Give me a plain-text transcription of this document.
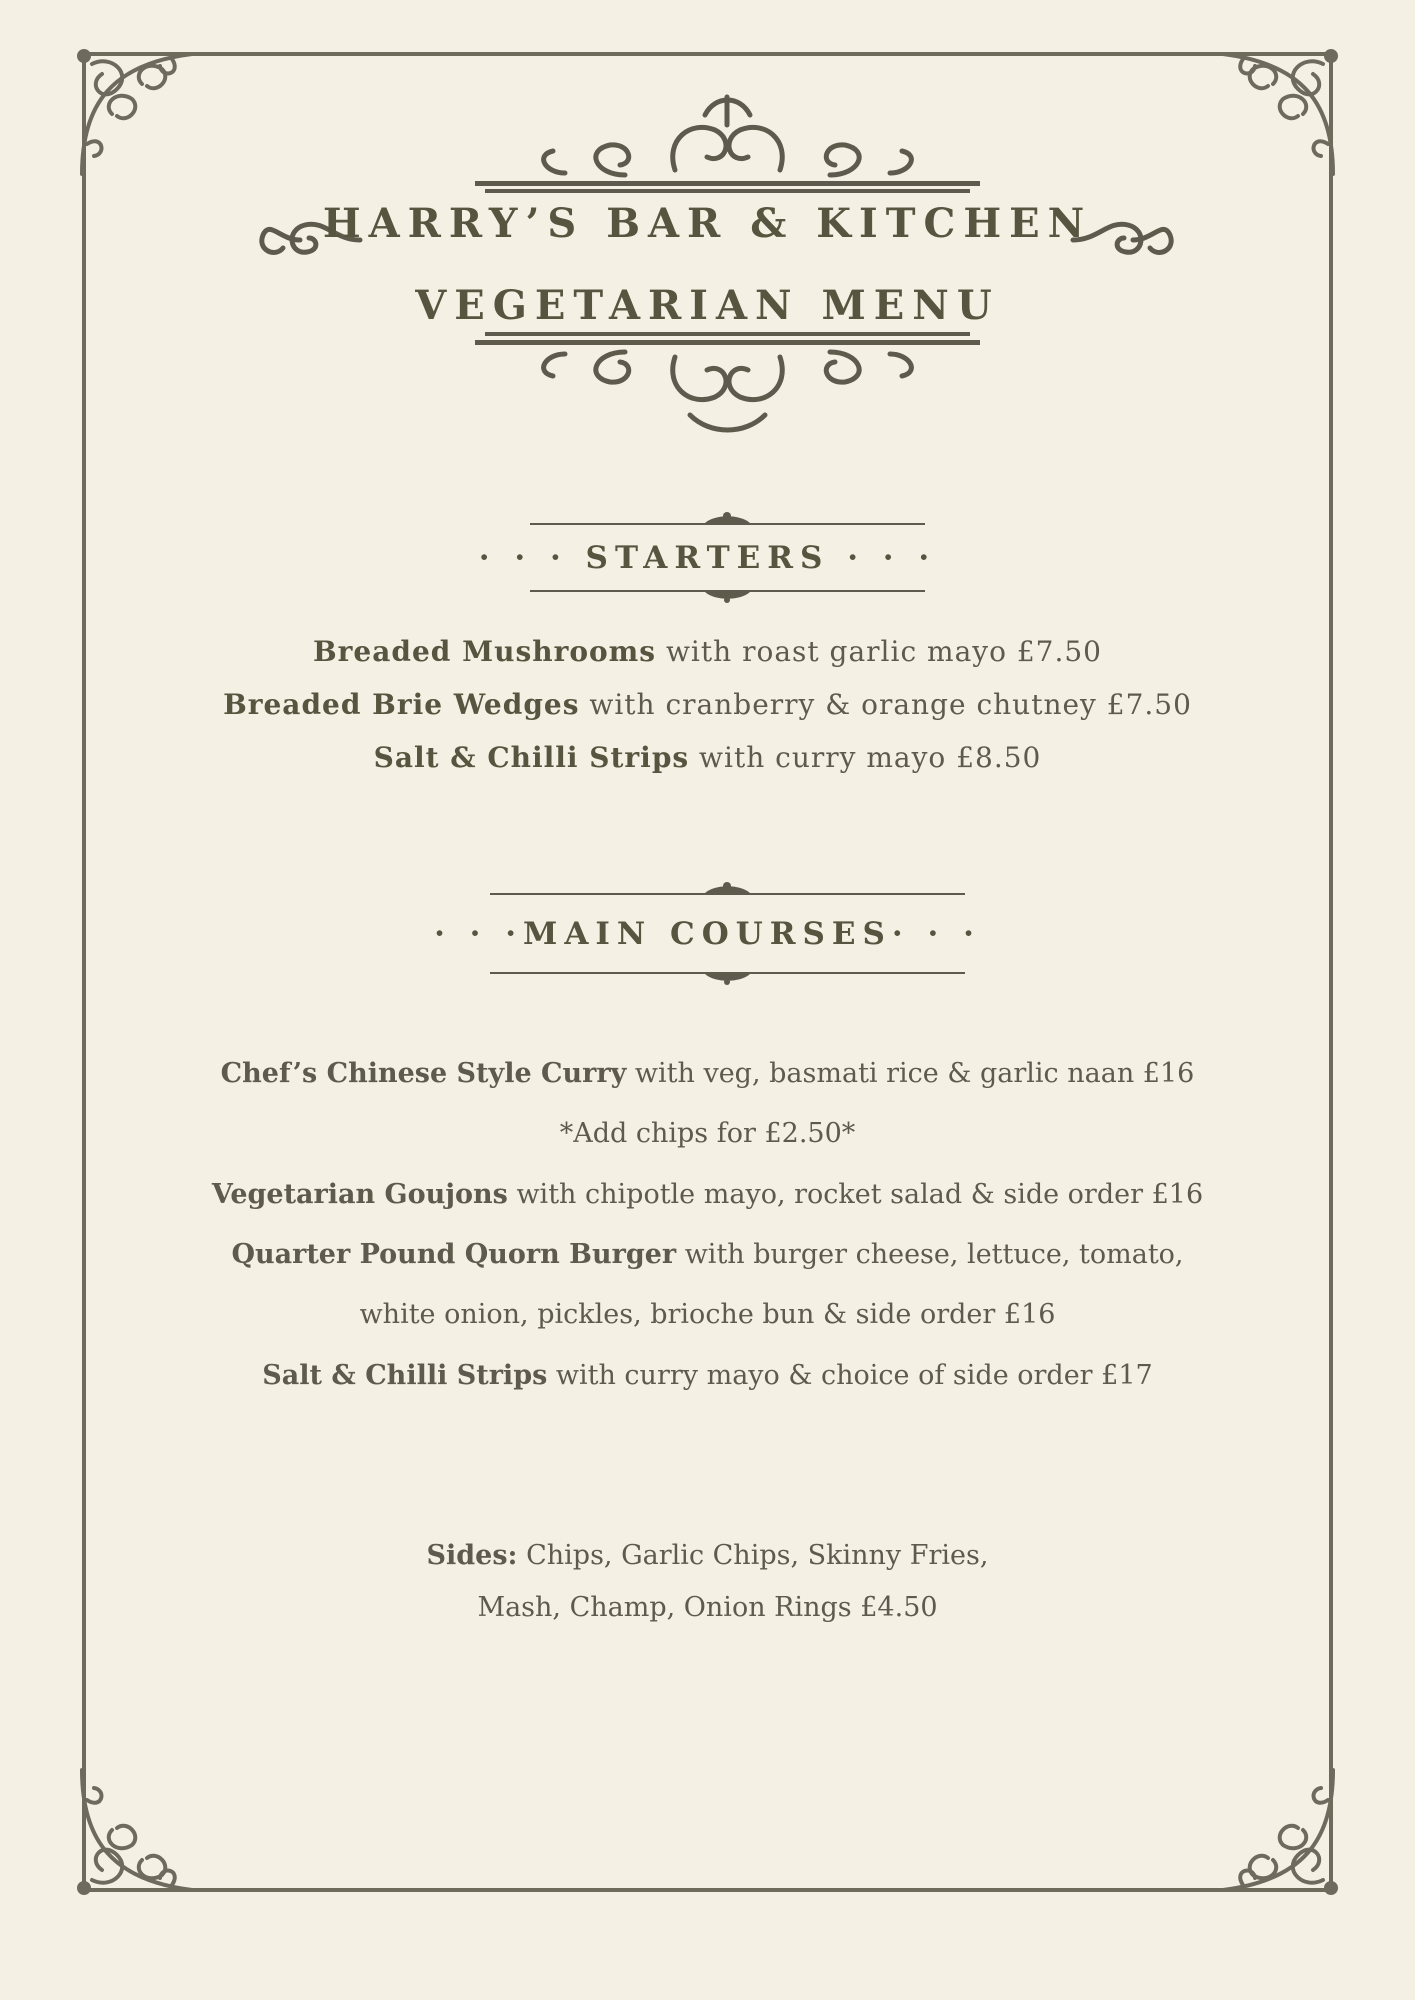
HARRY’S BAR & KITCHEN
VEGETARIAN MENU
· · · STARTERS · · ·
Breaded Mushrooms with roast garlic mayo £7.50
Breaded Brie Wedges with cranberry & orange chutney £7.50
Salt & Chilli Strips with curry mayo £8.50
· · ·MAIN COURSES· · ·
Chef’s Chinese Style Curry with veg, basmati rice & garlic naan £16
*Add chips for £2.50*
Vegetarian Goujons with chipotle mayo, rocket salad & side order £16
Quarter Pound Quorn Burger with burger cheese, lettuce, tomato,
white onion, pickles, brioche bun & side order £16
Salt & Chilli Strips with curry mayo & choice of side order £17
Sides: Chips, Garlic Chips, Skinny Fries,
Mash, Champ, Onion Rings £4.50
